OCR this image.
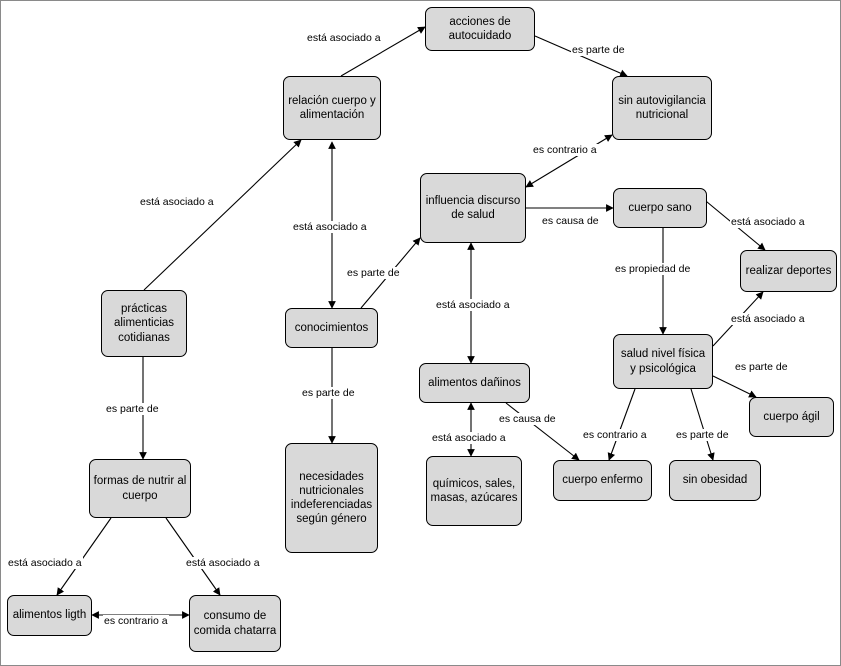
acciones de autocuidado
relación cuerpo y alimentación
sin autovigilancia nutricional
influencia discurso de salud
cuerpo sano
realizar deportes
prácticas alimenticias cotidianas
conocimientos
salud nivel física y psicológica
alimentos dañinos
cuerpo ágil
necesidades nutricionales indeferenciadas según género
formas de nutrir al cuerpo
químicos, sales, masas, azúcares
cuerpo enfermo	sin obesidad
alimentos ligth	consumo de comida chatarra
está asociado a
es parte de
está asociado a
está asociado a
es contrario a
es causa de
es parte de
está asociado a
es propiedad de
está asociado a
está asociado a
es parte de
es parte de
es parte de
es causa de
es contrario a	es parte de
está asociado a
está asociado a	está asociado a
es contrario a
